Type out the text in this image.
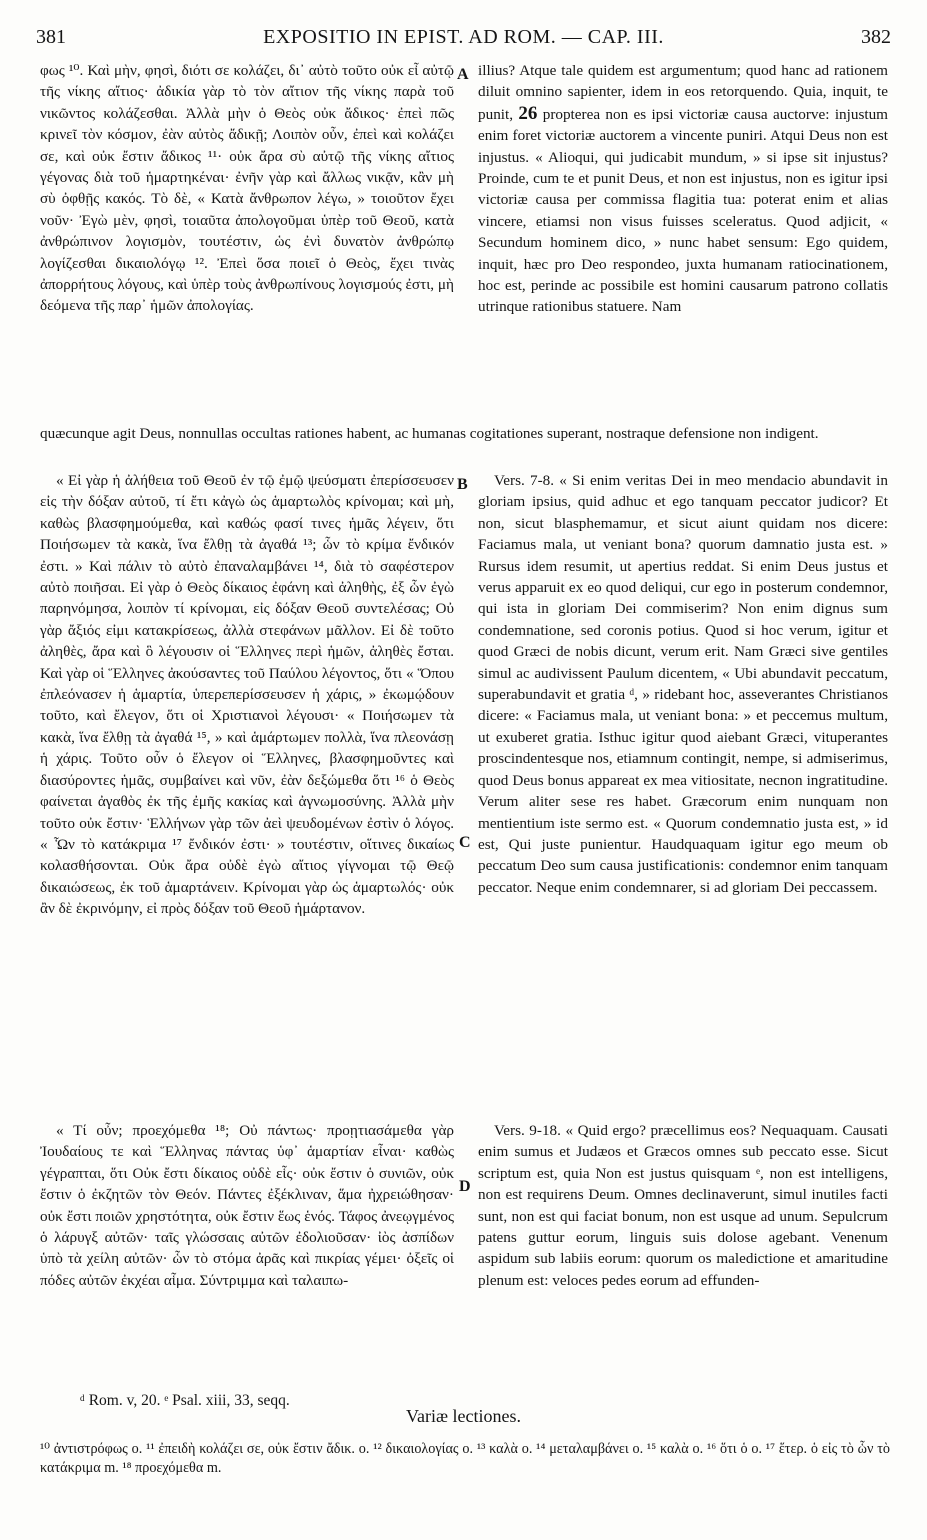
381	EXPOSITIO IN EPIST. AD ROM. — CAP. III.	382
A
B
C
D

φως ¹⁰. Καὶ μὴν, φησὶ, διότι σε κολάζει, δι᾽ αὐτὸ τοῦτο οὐκ εἶ αὐτῷ τῆς νίκης αἴτιος· ἀδικία γὰρ τὸ τὸν αἴτιον τῆς νίκης παρὰ τοῦ νικῶντος κολάζεσθαι. Ἀλλὰ μὴν ὁ Θεὸς οὐκ ἄδικος· ἐπεὶ πῶς κρινεῖ τὸν κόσμον, ἐὰν αὐτὸς ἄδικῇ; Λοιπὸν οὖν, ἐπεὶ καὶ κολάζει σε, καὶ οὐκ ἔστιν ἄδικος ¹¹· οὐκ ἄρα σὺ αὐτῷ τῆς νίκης αἴτιος γέγονας διὰ τοῦ ἡμαρτηκέναι· ἐνῆν γὰρ καὶ ἄλλως νικᾷν, κἂν μὴ σὺ ὀφθῇς κακός. Τὸ δὲ, « Κατὰ ἄνθρωπον λέγω, » τοιοῦτον ἔχει νοῦν· Ἐγὼ μὲν, φησὶ, τοιαῦτα ἀπολογοῦμαι ὑπὲρ τοῦ Θεοῦ, κατὰ ἀνθρώπινον λογισμὸν, τουτέστιν, ὡς ἐνὶ δυνατὸν ἀνθρώπῳ λογίζεσθαι δικαιολόγῳ ¹². Ἐπεὶ ὅσα ποιεῖ ὁ Θεὸς, ἔχει τινὰς ἀπορρήτους λόγους, καὶ ὑπὲρ τοὺς ἀνθρωπίνους λογισμούς ἐστι, μὴ δεόμενα τῆς παρ᾽ ἡμῶν ἀπολογίας.

illius? Atque tale quidem est argumentum; quod hanc ad rationem diluit omnino sapienter, idem in eos retorquendo. Quia, inquit, te punit, 26 propterea non es ipsi victoriæ causa auctorve: injustum enim foret victoriæ auctorem a vincente puniri. Atqui Deus non est injustus. « Alioqui, qui judicabit mundum, » si ipse sit injustus? Proinde, cum te et punit Deus, et non est injustus, non es igitur ipsi victoriæ causa per commissa flagitia tua: poterat enim et alias vincere, etiamsi non visus fuisses sceleratus. Quod adjicit, « Secundum hominem dico, » nunc habet sensum: Ego quidem, inquit, hæc pro Deo respondeo, juxta humanam ratiocinationem, hoc est, perinde ac possibile est homini causarum patrono collatis utrinque rationibus statuere. Nam

quæcunque agit Deus, nonnullas occultas rationes habent, ac humanas cogitationes superant, nostraque defensione non indigent.

« Εἰ γὰρ ἡ ἀλήθεια τοῦ Θεοῦ ἐν τῷ ἐμῷ ψεύσματι ἐπερίσσευσεν εἰς τὴν δόξαν αὐτοῦ, τί ἔτι κἀγὼ ὡς ἁμαρτωλὸς κρίνομαι; καὶ μὴ, καθὼς βλασφημούμεθα, καὶ καθώς φασί τινες ἡμᾶς λέγειν, ὅτι Ποιήσωμεν τὰ κακὰ, ἵνα ἔλθῃ τὰ ἀγαθά ¹³; ὧν τὸ κρίμα ἔνδικόν ἐστι. » Καὶ πάλιν τὸ αὐτὸ ἐπαναλαμβάνει ¹⁴, διὰ τὸ σαφέστερον αὐτὸ ποιῆσαι. Εἰ γὰρ ὁ Θεὸς δίκαιος ἐφάνη καὶ ἀληθὴς, ἐξ ὧν ἐγὼ παρηνόμησα, λοιπὸν τί κρίνομαι, εἰς δόξαν Θεοῦ συντελέσας; Οὐ γὰρ ἄξιός εἰμι κατακρίσεως, ἀλλὰ στεφάνων μᾶλλον. Εἰ δὲ τοῦτο ἀληθὲς, ἄρα καὶ ὃ λέγουσιν οἱ Ἕλληνες περὶ ἡμῶν, ἀληθὲς ἔσται. Καὶ γὰρ οἱ Ἕλληνες ἀκούσαντες τοῦ Παύλου λέγοντος, ὅτι « Ὅπου ἐπλεόνασεν ἡ ἁμαρτία, ὑπερεπερίσσευσεν ἡ χάρις, » ἐκωμῴδουν τοῦτο, καὶ ἔλεγον, ὅτι οἱ Χριστιανοὶ λέγουσι· « Ποιήσωμεν τὰ κακὰ, ἵνα ἔλθῃ τὰ ἀγαθά ¹⁵, » καὶ ἁμάρτωμεν πολλὰ, ἵνα πλεονάσῃ ἡ χάρις. Τοῦτο οὖν ὁ ἔλεγον οἱ Ἕλληνες, βλασφημοῦντες καὶ διασύροντες ἡμᾶς, συμβαίνει καὶ νῦν, ἐὰν δεξώμεθα ὅτι ¹⁶ ὁ Θεὸς φαίνεται ἀγαθὸς ἐκ τῆς ἐμῆς κακίας καὶ ἀγνωμοσύνης. Ἀλλὰ μὴν τοῦτο οὐκ ἔστιν· Ἑλλήνων γὰρ τῶν ἀεὶ ψευδομένων ἐστὶν ὁ λόγος. « Ὧν τὸ κατάκριμα ¹⁷ ἔνδικόν ἐστι· » τουτέστιν, οἵτινες δικαίως κολασθήσονται. Οὐκ ἄρα οὐδὲ ἐγὼ αἴτιος γίγνομαι τῷ Θεῷ δικαιώσεως, ἐκ τοῦ ἁμαρτάνειν. Κρίνομαι γὰρ ὡς ἁμαρτωλός· οὐκ ἂν δὲ ἐκρινόμην, εἰ πρὸς δόξαν τοῦ Θεοῦ ἡμάρτανον.

Vers. 7-8. « Si enim veritas Dei in meo mendacio abundavit in gloriam ipsius, quid adhuc et ego tanquam peccator judicor? Et non, sicut blasphemamur, et sicut aiunt quidam nos dicere: Faciamus mala, ut veniant bona? quorum damnatio justa est. » Rursus idem resumit, ut apertius reddat. Si enim Deus justus et verus apparuit ex eo quod deliqui, cur ego in posterum condemnor, qui ista in gloriam Dei commiserim? Non enim dignus sum condemnatione, sed coronis potius. Quod si hoc verum, igitur et quod Græci de nobis dicunt, verum erit. Nam Græci sive gentiles simul ac audivissent Paulum dicentem, « Ubi abundavit peccatum, superabundavit et gratia ᵈ, » ridebant hoc, asseverantes Christianos dicere: « Faciamus mala, ut veniant bona: » et peccemus multum, ut exuberet gratia. Isthuc igitur quod aiebant Græci, vituperantes proscindentesque nos, etiamnum contingit, nempe, si admiserimus, quod Deus bonus appareat ex mea vitiositate, necnon ingratitudine. Verum aliter sese res habet. Græcorum enim nunquam non mentientium iste sermo est. « Quorum condemnatio justa est, » id est, Qui juste punientur. Haudquaquam igitur ego meum ob peccatum Deo sum causa justificationis: condemnor enim tanquam peccator. Neque enim condemnarer, si ad gloriam Dei peccassem.

« Τί οὖν; προεχόμεθα ¹⁸; Οὐ πάντως· προῃτιασάμεθα γὰρ Ἰουδαίους τε καὶ Ἕλληνας πάντας ὑφ᾽ ἁμαρτίαν εἶναι· καθὼς γέγραπται, ὅτι Οὐκ ἔστι δίκαιος οὐδὲ εἷς· οὐκ ἔστιν ὁ συνιῶν, οὐκ ἔστιν ὁ ἐκζητῶν τὸν Θεόν. Πάντες ἐξέκλιναν, ἅμα ἠχρειώθησαν· οὐκ ἔστι ποιῶν χρηστότητα, οὐκ ἔστιν ἕως ἑνός. Τάφος ἀνεῳγμένος ὁ λάρυγξ αὐτῶν· ταῖς γλώσσαις αὐτῶν ἐδολιοῦσαν· ἰὸς ἀσπίδων ὑπὸ τὰ χείλη αὐτῶν· ὧν τὸ στόμα ἀρᾶς καὶ πικρίας γέμει· ὀξεῖς οἱ πόδες αὐτῶν ἐκχέαι αἷμα. Σύντριμμα καὶ ταλαιπω-

Vers. 9-18. « Quid ergo? præcellimus eos? Nequaquam. Causati enim sumus et Judæos et Græcos omnes sub peccato esse. Sicut scriptum est, quia Non est justus quisquam ᵉ, non est intelligens, non est requirens Deum. Omnes declinaverunt, simul inutiles facti sunt, non est qui faciat bonum, non est usque ad unum. Sepulcrum patens guttur eorum, linguis suis dolose agebant. Venenum aspidum sub labiis eorum: quorum os maledictione et amaritudine plenum est: veloces pedes eorum ad effunden-

ᵈ Rom. v, 20. ᵉ Psal. xiii, 33, seqq.
Variæ lectiones.
¹⁰ ἀντιστρόφως o. ¹¹ ἐπειδὴ κολάζει σε, οὐκ ἔστιν ἄδικ. o. ¹² δικαιολογίας o. ¹³ καλὰ o. ¹⁴ μεταλαμβάνει o. ¹⁵ καλὰ o. ¹⁶ ὅτι ὁ o. ¹⁷ ἕτερ. ὁ εἰς τὸ ὧν τὸ κατάκριμα m. ¹⁸ προεχόμεθα m.
